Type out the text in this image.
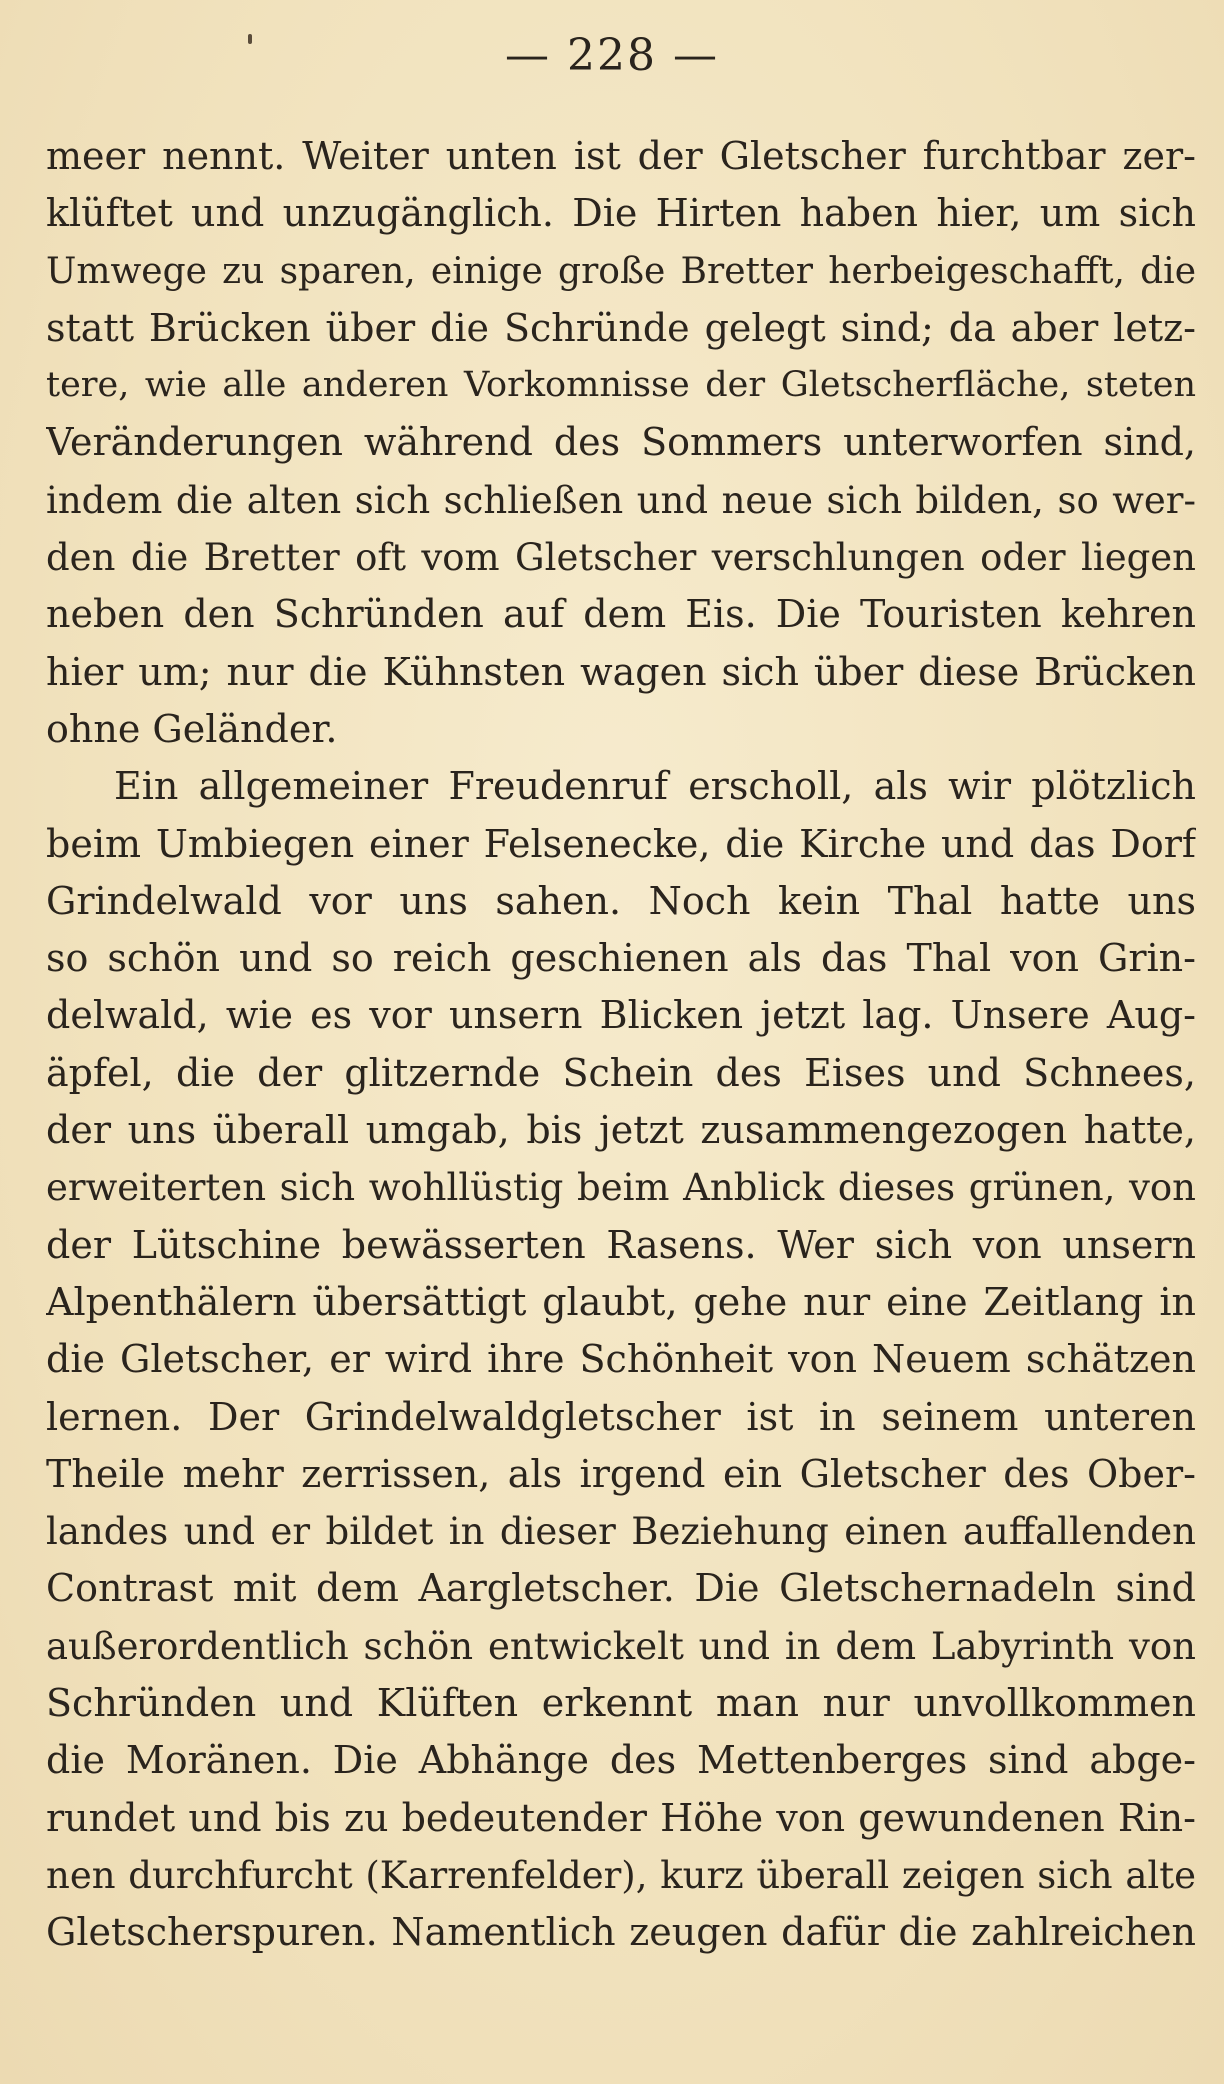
— 228 —
meer nennt. Weiter unten ist der Gletscher furchtbar zer-
klüftet und unzugänglich. Die Hirten haben hier, um sich
Umwege zu sparen, einige große Bretter herbeigeschafft, die
statt Brücken über die Schründe gelegt sind; da aber letz-
tere, wie alle anderen Vorkomnisse der Gletscherfläche, steten
Veränderungen während des Sommers unterworfen sind,
indem die alten sich schließen und neue sich bilden, so wer-
den die Bretter oft vom Gletscher verschlungen oder liegen
neben den Schründen auf dem Eis. Die Touristen kehren
hier um; nur die Kühnsten wagen sich über diese Brücken
ohne Geländer.
Ein allgemeiner Freudenruf erscholl, als wir plötzlich
beim Umbiegen einer Felsenecke, die Kirche und das Dorf
Grindelwald vor uns sahen. Noch kein Thal hatte uns
so schön und so reich geschienen als das Thal von Grin-
delwald, wie es vor unsern Blicken jetzt lag. Unsere Aug-
äpfel, die der glitzernde Schein des Eises und Schnees,
der uns überall umgab, bis jetzt zusammengezogen hatte,
erweiterten sich wohllüstig beim Anblick dieses grünen, von
der Lütschine bewässerten Rasens. Wer sich von unsern
Alpenthälern übersättigt glaubt, gehe nur eine Zeitlang in
die Gletscher, er wird ihre Schönheit von Neuem schätzen
lernen. Der Grindelwaldgletscher ist in seinem unteren
Theile mehr zerrissen, als irgend ein Gletscher des Ober-
landes und er bildet in dieser Beziehung einen auffallenden
Contrast mit dem Aargletscher. Die Gletschernadeln sind
außerordentlich schön entwickelt und in dem Labyrinth von
Schründen und Klüften erkennt man nur unvollkommen
die Moränen. Die Abhänge des Mettenberges sind abge-
rundet und bis zu bedeutender Höhe von gewundenen Rin-
nen durchfurcht (Karrenfelder), kurz überall zeigen sich alte
Gletscherspuren. Namentlich zeugen dafür die zahlreichen
